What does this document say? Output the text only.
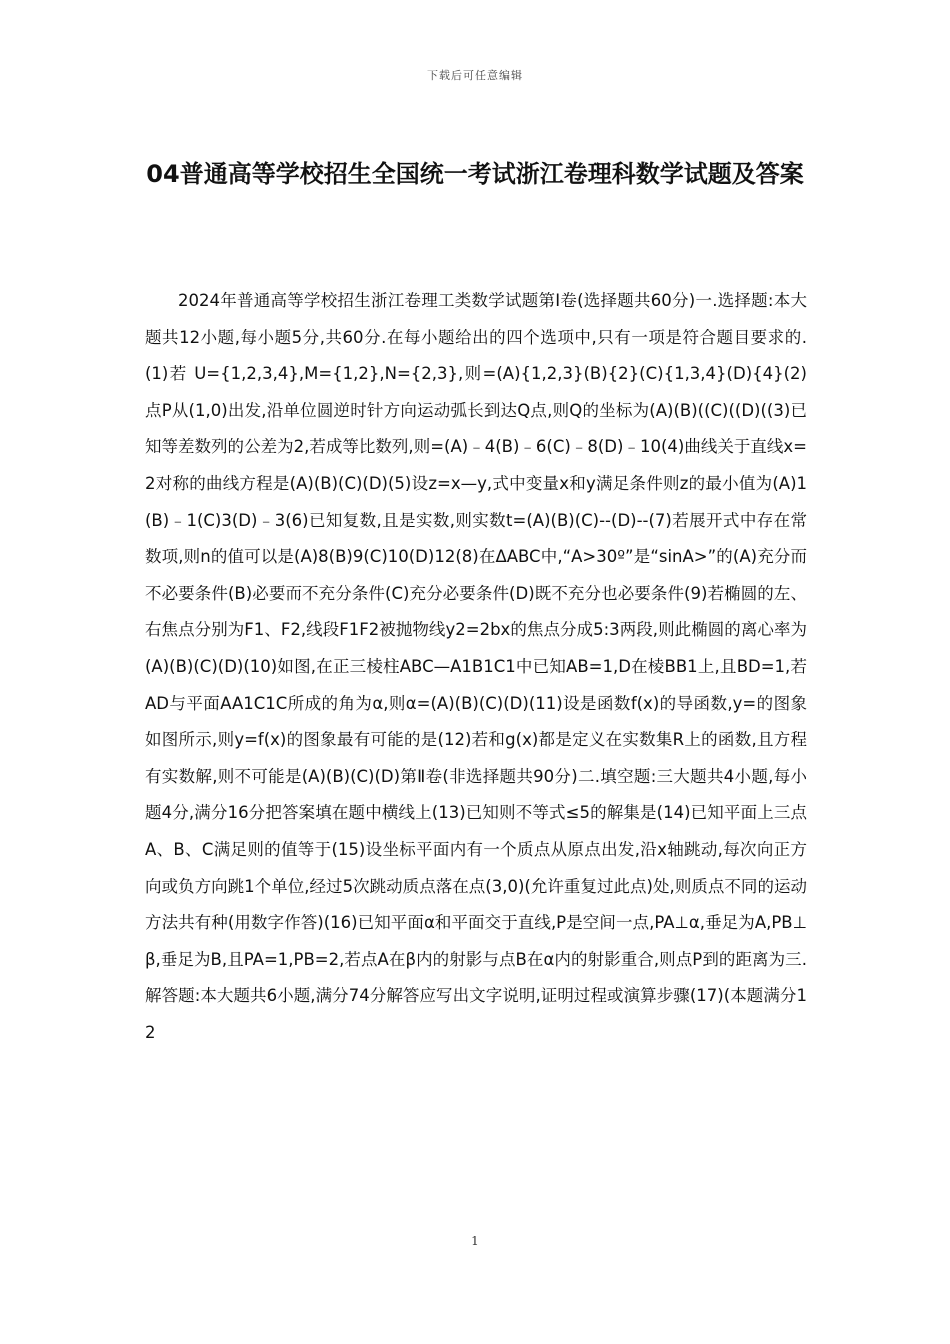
下载后可任意编辑
04普通高等学校招生全国统一考试浙江卷理科数学试题及答案
2024年普通高等学校招生浙江卷理工类数学试题第Ⅰ卷(选择题共60分)一.选择题:本大题共12小题,每小题5分,共60分.在每小题给出的四个选项中,只有一项是符合题目要求的.(1)若 U={1,2,3,4},M={1,2},N={2,3},则=(A){1,2,3}(B){2}(C){1,3,4}(D){4}(2)点P从(1,0)出发,沿单位圆逆时针方向运动弧长到达Q点,则Q的坐标为(A)(B)((C)((D)((3)已知等差数列的公差为2,若成等比数列,则=(A)﹣4(B)﹣6(C)﹣8(D)﹣10(4)曲线关于直线x=2对称的曲线方程是(A)(B)(C)(D)(5)设z=x—y,式中变量x和y满足条件则z的最小值为(A)1(B)﹣1(C)3(D)﹣3(6)已知复数,且是实数,则实数t=(A)(B)(C)--(D)--(7)若展开式中存在常数项,则n的值可以是(A)8(B)9(C)10(D)12(8)在ΔABC中,“A>30º”是“sinA>”的(A)充分而不必要条件(B)必要而不充分条件(C)充分必要条件(D)既不充分也必要条件(9)若椭圆的左、右焦点分别为F1、F2,线段F1F2被抛物线y2=2bx的焦点分成5:3两段,则此椭圆的离心率为(A)(B)(C)(D)(10)如图,在正三棱柱ABC—A1B1C1中已知AB=1,D在棱BB1上,且BD=1,若AD与平面AA1C1C所成的角为α,则α=(A)(B)(C)(D)(11)设是函数f(x)的导函数,y=的图象如图所示,则y=f(x)的图象最有可能的是(12)若和g(x)都是定义在实数集R上的函数,且方程有实数解,则不可能是(A)(B)(C)(D)第Ⅱ卷(非选择题共90分)二.填空题:三大题共4小题,每小题4分,满分16分把答案填在题中横线上(13)已知则不等式≤5的解集是(14)已知平面上三点A、B、C满足则的值等于(15)设坐标平面内有一个质点从原点出发,沿x轴跳动,每次向正方向或负方向跳1个单位,经过5次跳动质点落在点(3,0)(允许重复过此点)处,则质点不同的运动方法共有种(用数字作答)(16)已知平面α和平面交于直线,P是空间一点,PA⊥α,垂足为A,PB⊥β,垂足为B,且PA=1,PB=2,若点A在β内的射影与点B在α内的射影重合,则点P到的距离为三.解答题:本大题共6小题,满分74分解答应写出文字说明,证明过程或演算步骤(17)(本题满分12
1
